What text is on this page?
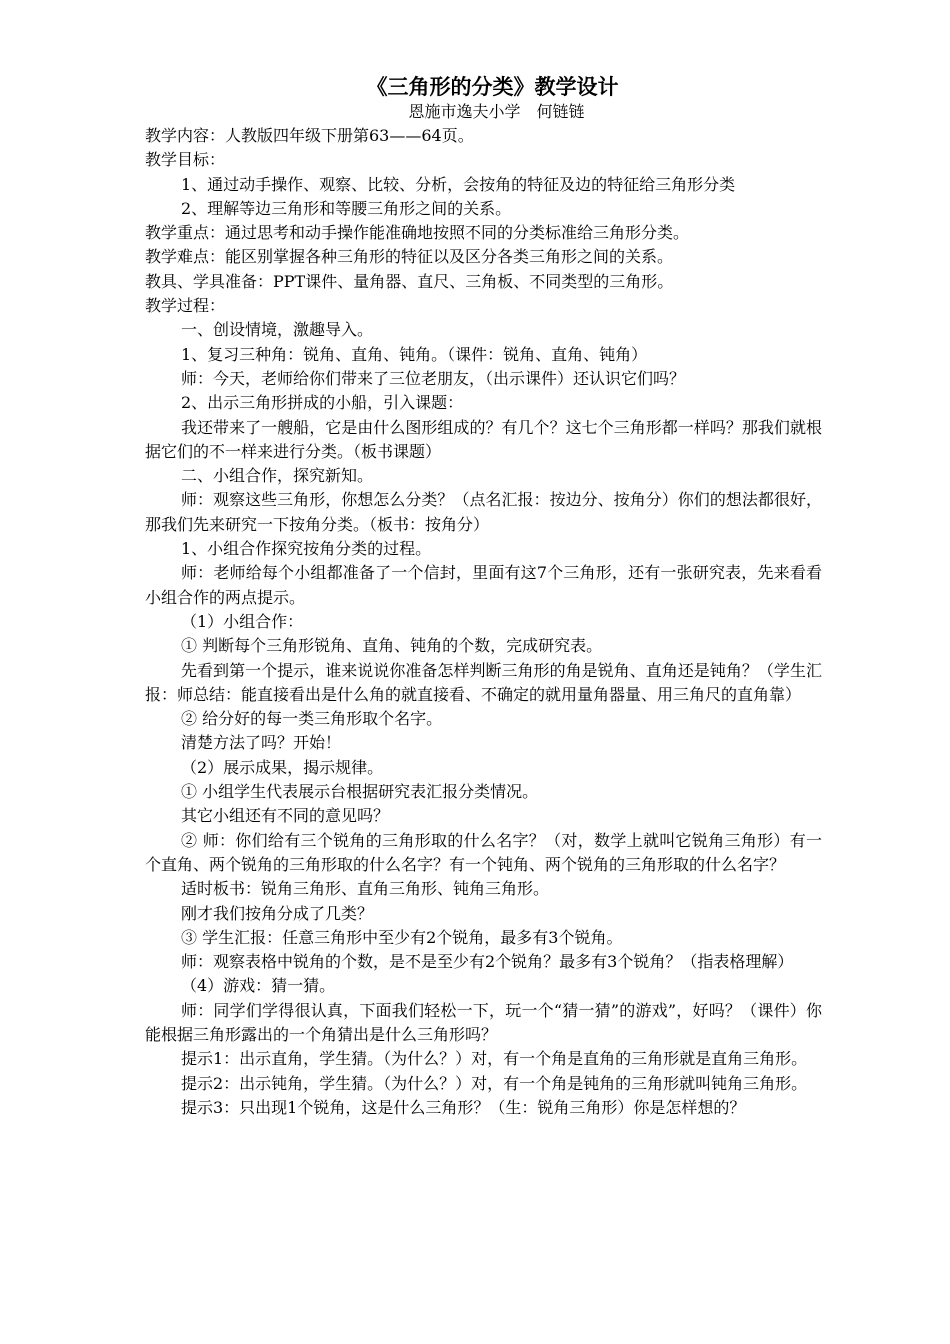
《三角形的分类》教学设计
恩施市逸夫小学　何链链

教学内容：人教版四年级下册第63——64页。

教学目标：

1、通过动手操作、观察、比较、分析，会按角的特征及边的特征给三角形分类

2、理解等边三角形和等腰三角形之间的关系。

教学重点：通过思考和动手操作能准确地按照不同的分类标准给三角形分类。

教学难点：能区别掌握各种三角形的特征以及区分各类三角形之间的关系。

教具、学具准备：PPT课件、量角器、直尺、三角板、不同类型的三角形。

教学过程：

一、创设情境，激趣导入。

1、复习三种角：锐角、直角、钝角。（课件：锐角、直角、钝角）

师：今天，老师给你们带来了三位老朋友，（出示课件）还认识它们吗？

2、出示三角形拼成的小船，引入课题：

我还带来了一艘船，它是由什么图形组成的？有几个？这七个三角形都一样吗？那我们就根据它们的不一样来进行分类。（板书课题）

二、小组合作，探究新知。

师：观察这些三角形，你想怎么分类？（点名汇报：按边分、按角分）你们的想法都很好，那我们先来研究一下按角分类。（板书：按角分）

1、小组合作探究按角分类的过程。

师：老师给每个小组都准备了一个信封，里面有这7个三角形，还有一张研究表，先来看看小组合作的两点提示。

（1）小组合作：

① 判断每个三角形锐角、直角、钝角的个数，完成研究表。

先看到第一个提示，谁来说说你准备怎样判断三角形的角是锐角、直角还是钝角？（学生汇报：师总结：能直接看出是什么角的就直接看、不确定的就用量角器量、用三角尺的直角靠）

② 给分好的每一类三角形取个名字。

清楚方法了吗？开始！

（2）展示成果，揭示规律。

① 小组学生代表展示台根据研究表汇报分类情况。

其它小组还有不同的意见吗？

② 师：你们给有三个锐角的三角形取的什么名字？（对，数学上就叫它锐角三角形）有一个直角、两个锐角的三角形取的什么名字？有一个钝角、两个锐角的三角形取的什么名字？

适时板书：锐角三角形、直角三角形、钝角三角形。

刚才我们按角分成了几类？

③ 学生汇报：任意三角形中至少有2个锐角，最多有3个锐角。

师：观察表格中锐角的个数，是不是至少有2个锐角？最多有3个锐角？（指表格理解）

（4）游戏：猜一猜。

师：同学们学得很认真，下面我们轻松一下，玩一个“猜一猜”的游戏”，好吗？（课件）你能根据三角形露出的一个角猜出是什么三角形吗？

提示1：出示直角，学生猜。（为什么？）对，有一个角是直角的三角形就是直角三角形。

提示2：出示钝角，学生猜。（为什么？）对，有一个角是钝角的三角形就叫钝角三角形。

提示3：只出现1个锐角，这是什么三角形？（生：锐角三角形）你是怎样想的？
